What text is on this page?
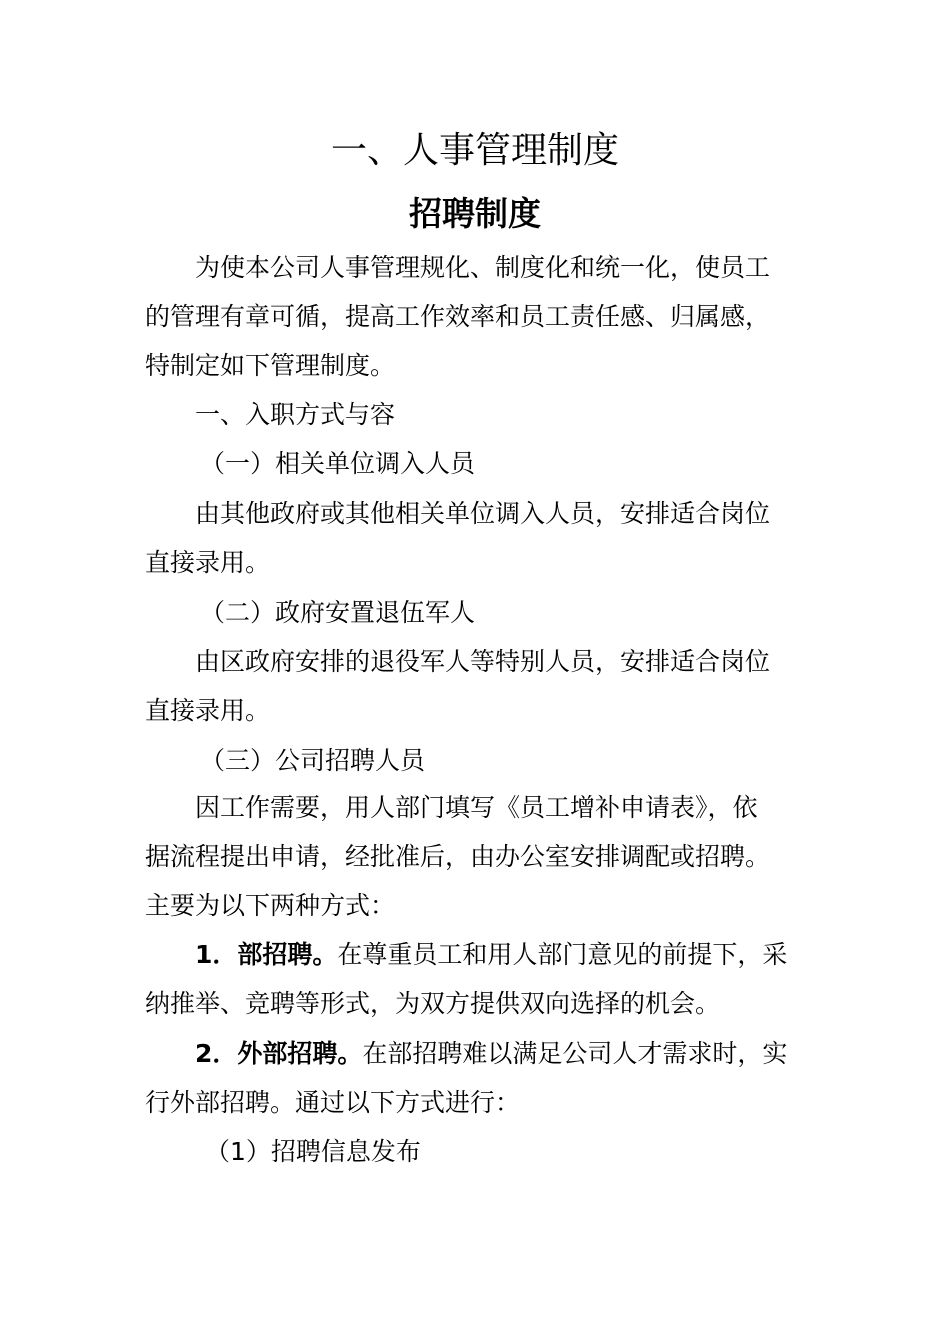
一、人事管理制度
招聘制度
为使本公司人事管理规化、制度化和统一化，使员工
的管理有章可循，提高工作效率和员工责任感、归属感，
特制定如下管理制度。
一、入职方式与容
（一）相关单位调入人员
由其他政府或其他相关单位调入人员，安排适合岗位
直接录用。
（二）政府安置退伍军人
由区政府安排的退役军人等特别人员，安排适合岗位
直接录用。
（三）公司招聘人员
因工作需要，用人部门填写《员工增补申请表》，依
据流程提出申请，经批准后，由办公室安排调配或招聘。
主要为以下两种方式：
1．部招聘。在尊重员工和用人部门意见的前提下，采
纳推举、竞聘等形式，为双方提供双向选择的机会。
2．外部招聘。在部招聘难以满足公司人才需求时，实
行外部招聘。通过以下方式进行：
（1）招聘信息发布
